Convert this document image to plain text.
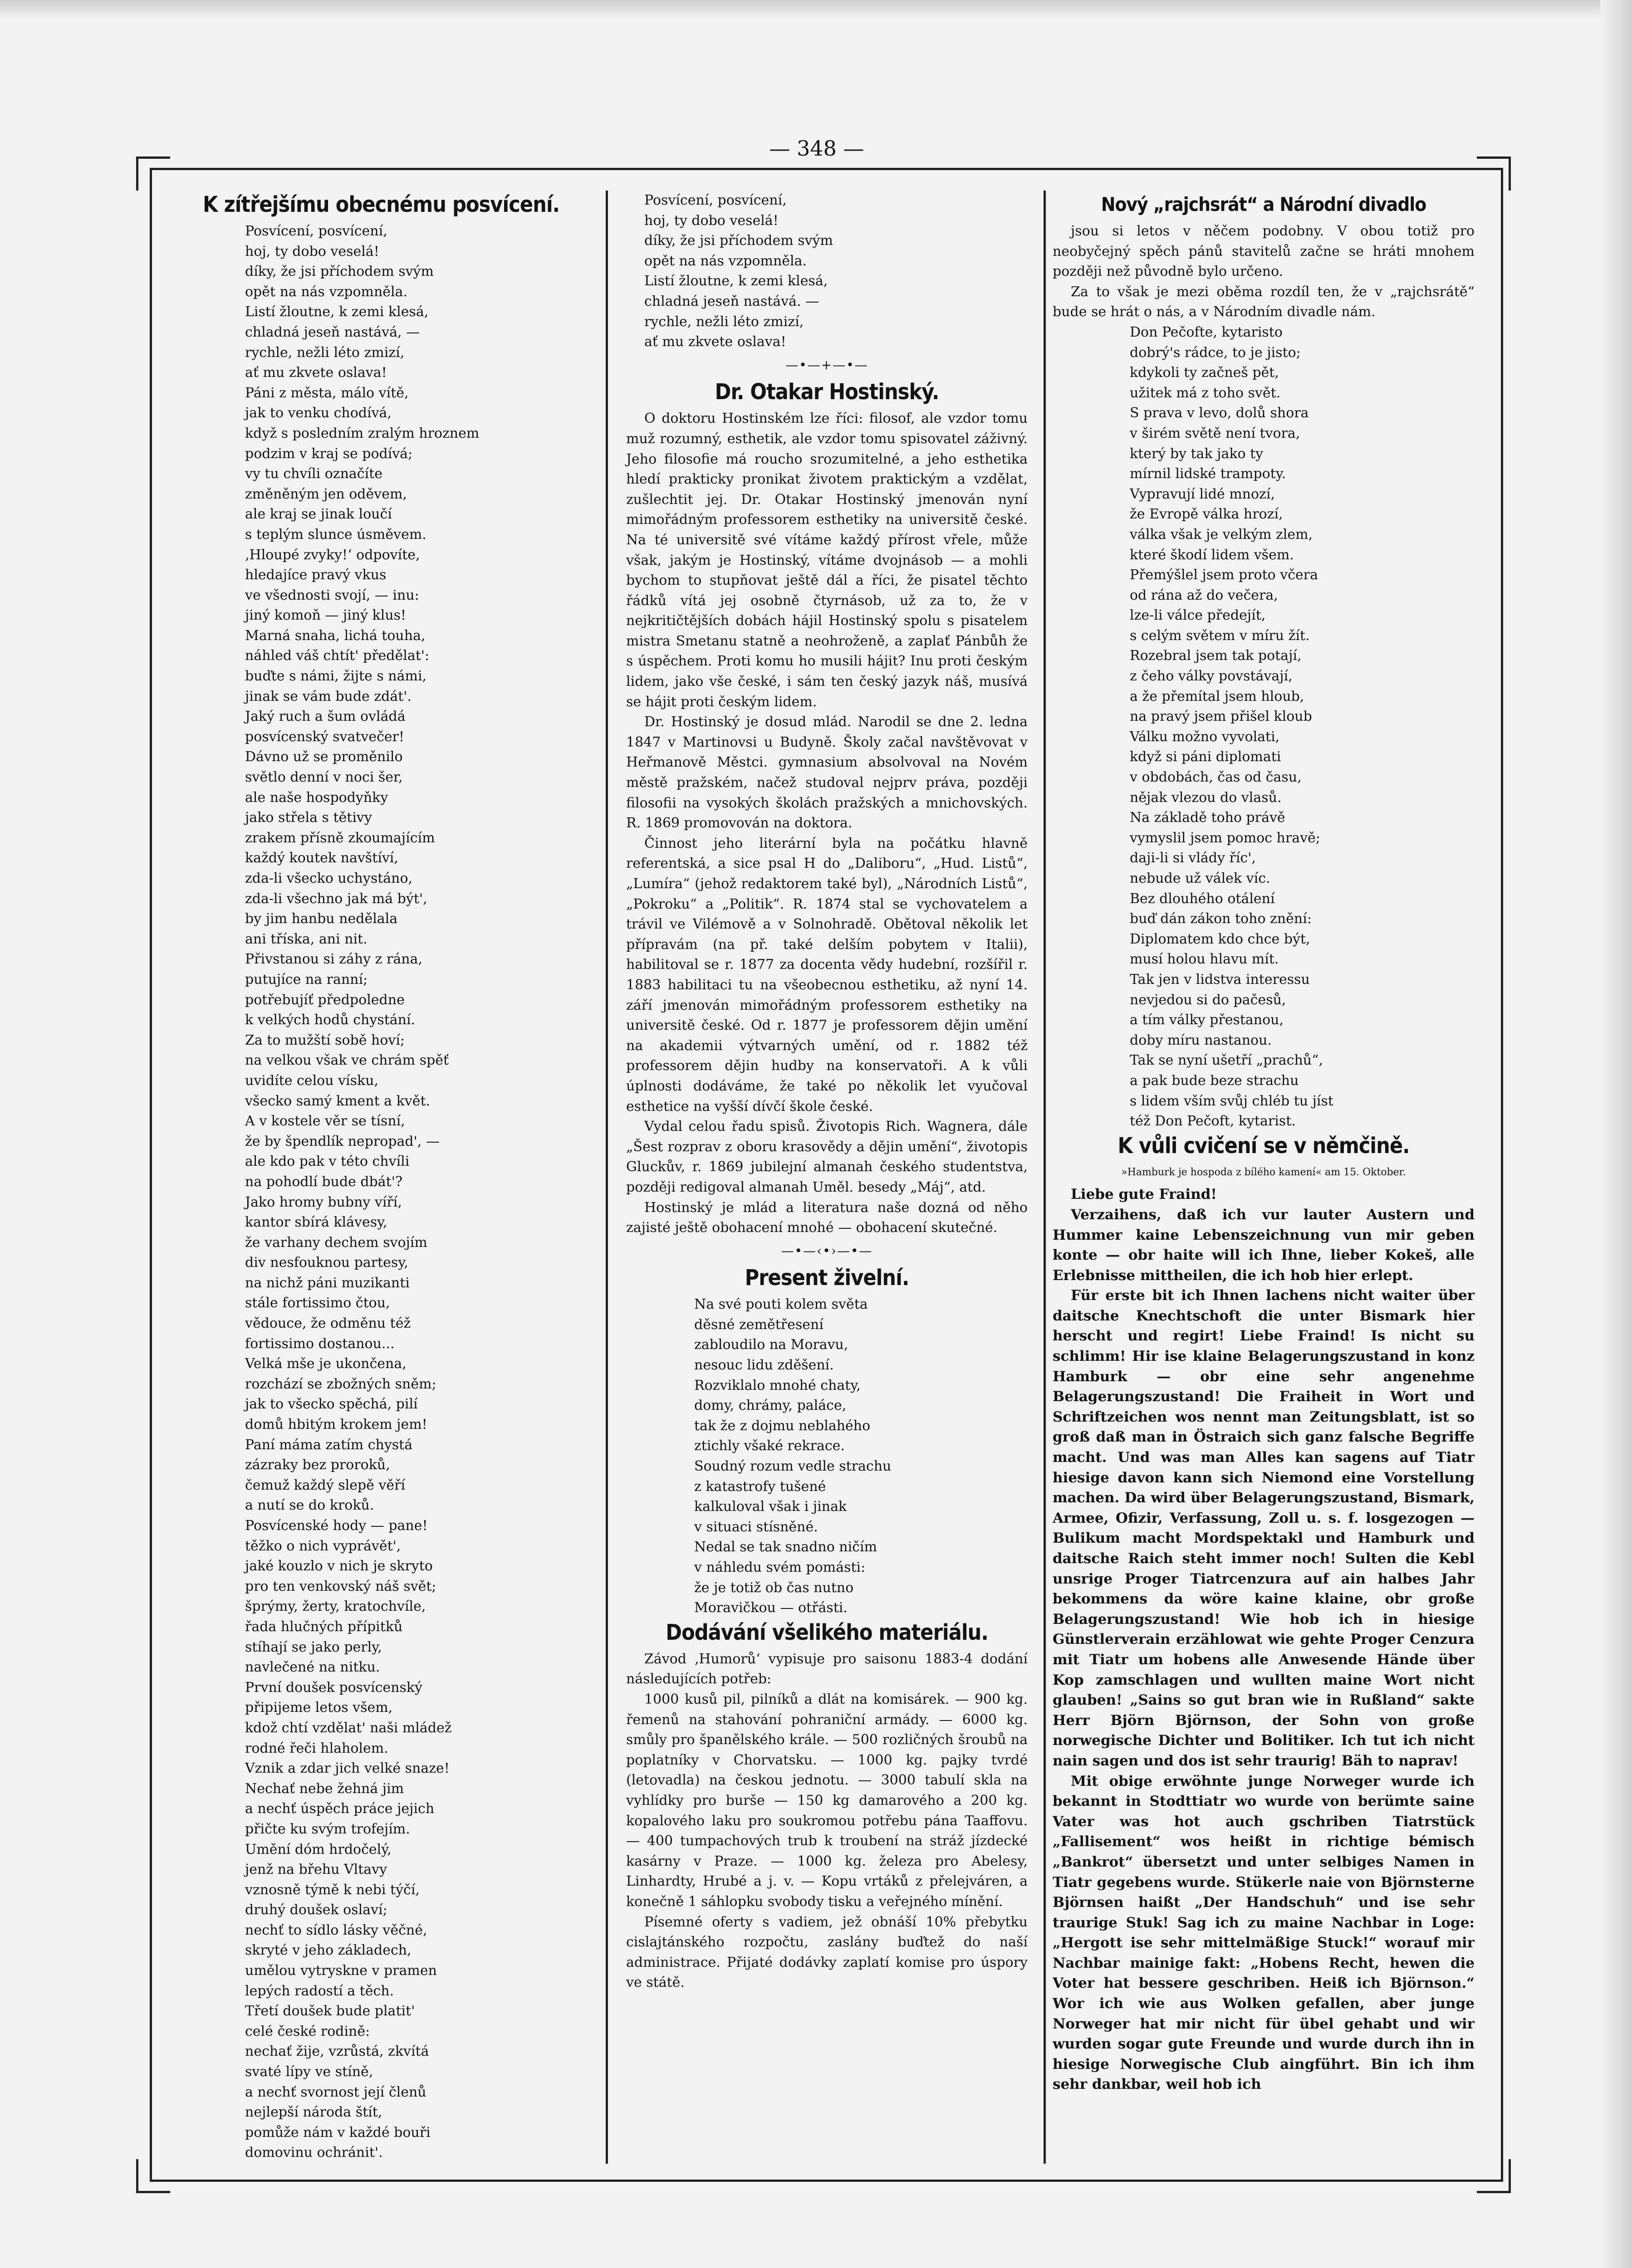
— 348 —
K zítřejšímu obecnému posvícení.

Posvícení, posvícení,

hoj, ty dobo veselá!

díky, že jsi příchodem svým

opět na nás vzpomněla.

Listí žloutne, k zemi klesá,

chladná jeseň nastává, —

rychle, nežli léto zmizí,

ať mu zkvete oslava!

Páni z města, málo vítě,

jak to venku chodívá,

když s posledním zralým hroznem

podzim v kraj se podívá;

vy tu chvíli označíte

změněným jen oděvem,

ale kraj se jinak loučí

s teplým slunce úsměvem.

‚Hloupé zvyky!‘ odpovíte,

hledajíce pravý vkus

ve všednosti svojí, — inu:

jiný komoň — jiný klus!

Marná snaha, lichá touha,

náhled váš chtít' předělat':

buďte s námi, žijte s námi,

jinak se vám bude zdát'.

Jaký ruch a šum ovládá

posvícenský svatvečer!

Dávno už se proměnilo

světlo denní v noci šer,

ale naše hospodyňky

jako střela s tětivy

zrakem přísně zkoumajícím

každý koutek navštíví,

zda-li všecko uchystáno,

zda-li všechno jak má být',

by jim hanbu nedělala

ani tříska, ani nit.

Přivstanou si záhy z rána,

putujíce na ranní;

potřebujíť předpoledne

k velkých hodů chystání.

Za to mužští sobě hoví;

na velkou však ve chrám spěť

uvidíte celou vísku,

všecko samý kment a květ.

A v kostele věr se tísní,

že by špendlík nepropad', —

ale kdo pak v této chvíli

na pohodlí bude dbát'?

Jako hromy bubny víří,

kantor sbírá klávesy,

že varhany dechem svojím

div nesfouknou partesy,

na nichž páni muzikanti

stále fortissimo čtou,

vědouce, že odměnu též

fortissimo dostanou...

Velká mše je ukončena,

rozchází se zbožných sněm;

jak to všecko spěchá, pilí

domů hbitým krokem jem!

Paní máma zatím chystá

zázraky bez proroků,

čemuž každý slepě věří

a nutí se do kroků.

Posvícenské hody — pane!

těžko o nich vyprávět',

jaké kouzlo v nich je skryto

pro ten venkovský náš svět;

šprýmy, žerty, kratochvíle,

řada hlučných přípitků

stíhají se jako perly,

navlečené na nitku.

První doušek posvícenský

připijeme letos všem,

kdož chtí vzdělat' naši mládež

rodné řeči hlaholem.

Vznik a zdar jich velké snaze!

Nechať nebe žehná jim

a nechť úspěch práce jejich

přičte ku svým trofejím.

Umění dóm hrdočelý,

jenž na břehu Vltavy

vznosně týmě k nebi týčí,

druhý doušek oslaví;

nechť to sídlo lásky věčné,

skryté v jeho základech,

umělou vytryskne v pramen

lepých radostí a těch.

Třetí doušek bude platit'

celé české rodině:

nechať žije, vzrůstá, zkvítá

svaté lípy ve stíně,

a nechť svornost její členů

nejlepší národa štít,

pomůže nám v každé bouři

domovinu ochránit'.

Posvícení, posvícení,

hoj, ty dobo veselá!

díky, že jsi příchodem svým

opět na nás vzpomněla.

Listí žloutne, k zemi klesá,

chladná jeseň nastává. —

rychle, nežli léto zmizí,

ať mu zkvete oslava!

—•—+—•—
Dr. Otakar Hostinský.

O doktoru Hostinském lze říci: filosof, ale vzdor tomu muž rozumný, esthetik, ale vzdor tomu spisovatel záživný. Jeho filosofie má roucho srozumitelné, a jeho esthetika hledí prakticky pronikat životem praktickým a vzdělat, zušlechtit jej. Dr. Otakar Hostinský jmenován nyní mimořádným professorem esthetiky na universitě české. Na té universitě své vítáme každý přírost vřele, může však, jakým je Hostinský, vítáme dvojnásob — a mohli bychom to stupňovat ještě dál a říci, že pisatel těchto řádků vítá jej osobně čtyrnásob, už za to, že v nejkritičtějších dobách hájil Hostinský spolu s pisatelem mistra Smetanu statně a neohroženě, a zaplať Pánbůh že s úspěchem. Proti komu ho musili hájit? Inu proti českým lidem, jako vše české, i sám ten český jazyk náš, musívá se hájit proti českým lidem.

Dr. Hostinský je dosud mlád. Narodil se dne 2. ledna 1847 v Martinovsi u Budyně. Školy začal navštěvovat v Heřmanově Městci. gymnasium absolvoval na Novém městě pražském, načež studoval nejprv práva, později filosofii na vysokých školách pražských a mnichovských. R. 1869 promovován na doktora.

Činnost jeho literární byla na počátku hlavně referentská, a sice psal H do „Daliboru“, „Hud. Listů“, „Lumíra“ (jehož redaktorem také byl), „Národních Listů“, „Pokroku“ a „Politik“. R. 1874 stal se vychovatelem a trávil ve Vilémově a v Solnohradě. Obětoval několik let přípravám (na př. také delším pobytem v Italii), habilitoval se r. 1877 za docenta vědy hudební, rozšířil r. 1883 habilitaci tu na všeobecnou esthetiku, až nyní 14. září jmenován mimořádným professorem esthetiky na universitě české. Od r. 1877 je professorem dějin umění na akademii výtvarných umění, od r. 1882 též professorem dějin hudby na konservatoři. A k vůli úplnosti dodáváme, že také po několik let vyučoval esthetice na vyšší dívčí škole české.

Vydal celou řadu spisů. Životopis Rich. Wagnera, dále „Šest rozprav z oboru krasovědy a dějin umění“, životopis Gluckův, r. 1869 jubilejní almanah českého studentstva, později redigoval almanah Uměl. besedy „Máj“, atd.

Hostinský je mlád a literatura naše dozná od něho zajisté ještě obohacení mnohé — obohacení skutečné.

—•—‹•›—•—
Present živelní.

Na své pouti kolem světa

děsné zemětřesení

zabloudilo na Moravu,

nesouc lidu zděšení.

Rozviklalo mnohé chaty,

domy, chrámy, paláce,

tak že z dojmu neblahého

ztichly všaké rekrace.

Soudný rozum vedle strachu

z katastrofy tušené

kalkuloval však i jinak

v situaci stísněné.

Nedal se tak snadno ničím

v náhledu svém pomásti:

že je totiž ob čas nutno

Moravičkou — otřásti.

Dodávání všelikého materiálu.

Závod ‚Humorů‘ vypisuje pro saisonu 1883-4 dodání následujících potřeb:

1000 kusů pil, pilníků a dlát na komisárek. — 900 kg. řemenů na stahování pohraniční armády. — 6000 kg. smůly pro španělského krále. — 500 rozličných šroubů na poplatníky v Chorvatsku. — 1000 kg. pajky tvrdé (letovadla) na českou jednotu. — 3000 tabulí skla na vyhlídky pro burše — 150 kg damarového a 200 kg. kopalového laku pro soukromou potřebu pána Taaffovu. — 400 tumpachových trub k troubení na stráž jízdecké kasárny v Praze. — 1000 kg. železa pro Abelesy, Linhardty, Hrubé a j. v. — Kopu vrtáků z přelejváren, a konečně 1 sáhlopku svobody tisku a veřejného mínění.

Písemné oferty s vadiem, jež obnáší 10% přebytku cislajtánského rozpočtu, zaslány buďtež do naší administrace. Přijaté dodávky zaplatí komise pro úspory ve státě.

Nový „rajchsrát“ a Národní divadlo

jsou si letos v něčem podobny. V obou totiž pro neobyčejný spěch pánů stavitelů začne se hráti mnohem později než původně bylo určeno.

Za to však je mezi oběma rozdíl ten, že v „rajchsrátě“ bude se hrát o nás, a v Národním divadle nám.

Don Pečofte, kytaristo

dobrý's rádce, to je jisto;

kdykoli ty začneš pět,

užitek má z toho svět.

S prava v levo, dolů shora

v širém světě není tvora,

který by tak jako ty

mírnil lidské trampoty.

Vypravují lidé mnozí,

že Evropě válka hrozí,

válka však je velkým zlem,

které škodí lidem všem.

Přemýšlel jsem proto včera

od rána až do večera,

lze-li válce předejít,

s celým světem v míru žít.

Rozebral jsem tak potají,

z čeho války povstávají,

a že přemítal jsem hloub,

na pravý jsem přišel kloub

Válku možno vyvolati,

když si páni diplomati

v obdobách, čas od času,

nějak vlezou do vlasů.

Na základě toho právě

vymyslil jsem pomoc hravě;

daji-li si vlády říc',

nebude už válek víc.

Bez dlouhého otálení

buď dán zákon toho znění:

Diplomatem kdo chce být,

musí holou hlavu mít.

Tak jen v lidstva interessu

nevjedou si do pačesů,

a tím války přestanou,

doby míru nastanou.

Tak se nyní ušetří „prachů“,

a pak bude beze strachu

s lidem vším svůj chléb tu jíst

též Don Pečoft, kytarist.

K vůli cvičení se v němčině.

»Hamburk je hospoda z bílého kamení« am 15. Oktober.

Liebe gute Fraind!

Verzaihens, daß ich vur lauter Austern und Hummer kaine Lebenszeichnung vun mir geben konte — obr haite will ich Ihne, lieber Kokeš, alle Erlebnisse mittheilen, die ich hob hier erlept.

Für erste bit ich Ihnen lachens nicht waiter über daitsche Knechtschoft die unter Bismark hier herscht und regirt! Liebe Fraind! Is nicht su schlimm! Hir ise klaine Belagerungszustand in konz Hamburk — obr eine sehr angenehme Belagerungszustand! Die Fraiheit in Wort und Schriftzeichen wos nennt man Zeitungsblatt, ist so groß daß man in Östraich sich ganz falsche Begriffe macht. Und was man Alles kan sagens auf Tiatr hiesige davon kann sich Niemond eine Vorstellung machen. Da wird über Belagerungszustand, Bismark, Armee, Ofizir, Verfassung, Zoll u. s. f. losgezogen — Bulikum macht Mordspektakl und Hamburk und daitsche Raich steht immer noch! Sulten die Kebl unsrige Proger Tiatrcenzura auf ain halbes Jahr bekommens da wöre kaine klaine, obr große Belagerungszustand! Wie hob ich in hiesige Günstlerverain erzählowat wie gehte Proger Cenzura mit Tiatr um hobens alle Anwesende Hände über Kop zamschlagen und wullten maine Wort nicht glauben! „Sains so gut bran wie in Rußland“ sakte Herr Björn Björnson, der Sohn von große norwegische Dichter und Bolitiker. Ich tut ich nicht nain sagen und dos ist sehr traurig! Bäh to naprav!

Mit obige erwöhnte junge Norweger wurde ich bekannt in Stodttiatr wo wurde von berümte saine Vater was hot auch gschriben Tiatrstück „Fallisement“ wos heißt in richtige bémisch „Bankrot“ übersetzt und unter selbiges Namen in Tiatr gegebens wurde. Stükerle naie von Björnsterne Björnsen haißt „Der Handschuh“ und ise sehr traurige Stuk! Sag ich zu maine Nachbar in Loge: „Hergott ise sehr mittelmäßige Stuck!“ worauf mir Nachbar mainige fakt: „Hobens Recht, hewen die Voter hat bessere geschriben. Heiß ich Björnson.“ Wor ich wie aus Wolken gefallen, aber junge Norweger hat mir nicht für übel gehabt und wir wurden sogar gute Freunde und wurde durch ihn in hiesige Norwegische Club aingführt. Bin ich ihm sehr dankbar, weil hob ich
